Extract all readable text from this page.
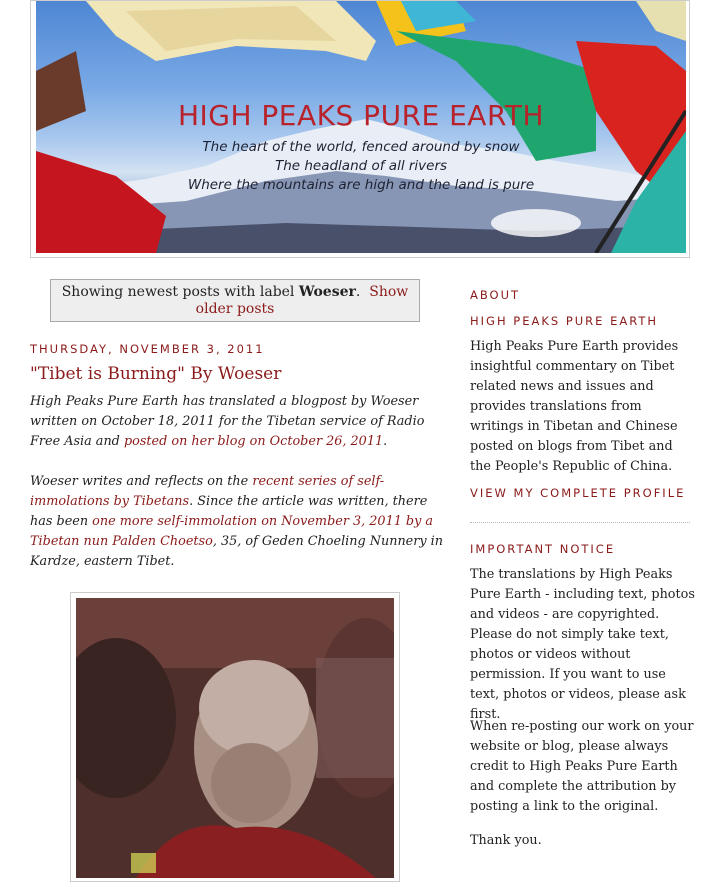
HIGH PEAKS PURE EARTH
The heart of the world, fenced around by snow
The headland of all rivers
Where the mountains are high and the land is pure
Showing newest posts with label Woeser. Show older posts
THURSDAY, NOVEMBER 3, 2011
"Tibet is Burning" By Woeser
High Peaks Pure Earth has translated a blogpost by Woeser written on October 18, 2011 for the Tibetan service of Radio Free Asia and posted on her blog on October 26, 2011.
Woeser writes and reflects on the recent series of self-immolations by Tibetans. Since the article was written, there has been one more self-immolation on November 3, 2011 by a Tibetan nun Palden Choetso, 35, of Geden Choeling Nunnery in Kardze, eastern Tibet.
ABOUT
HIGH PEAKS PURE EARTH
High Peaks Pure Earth provides insightful commentary on Tibet related news and issues and provides translations from writings in Tibetan and Chinese posted on blogs from Tibet and the People's Republic of China.
VIEW MY COMPLETE PROFILE
IMPORTANT NOTICE
The translations by High Peaks Pure Earth - including text, photos and videos - are copyrighted. Please do not simply take text, photos or videos without permission. If you want to use text, photos or videos, please ask first.
When re-posting our work on your website or blog, please always credit to High Peaks Pure Earth and complete the attribution by posting a link to the original.
Thank you.
